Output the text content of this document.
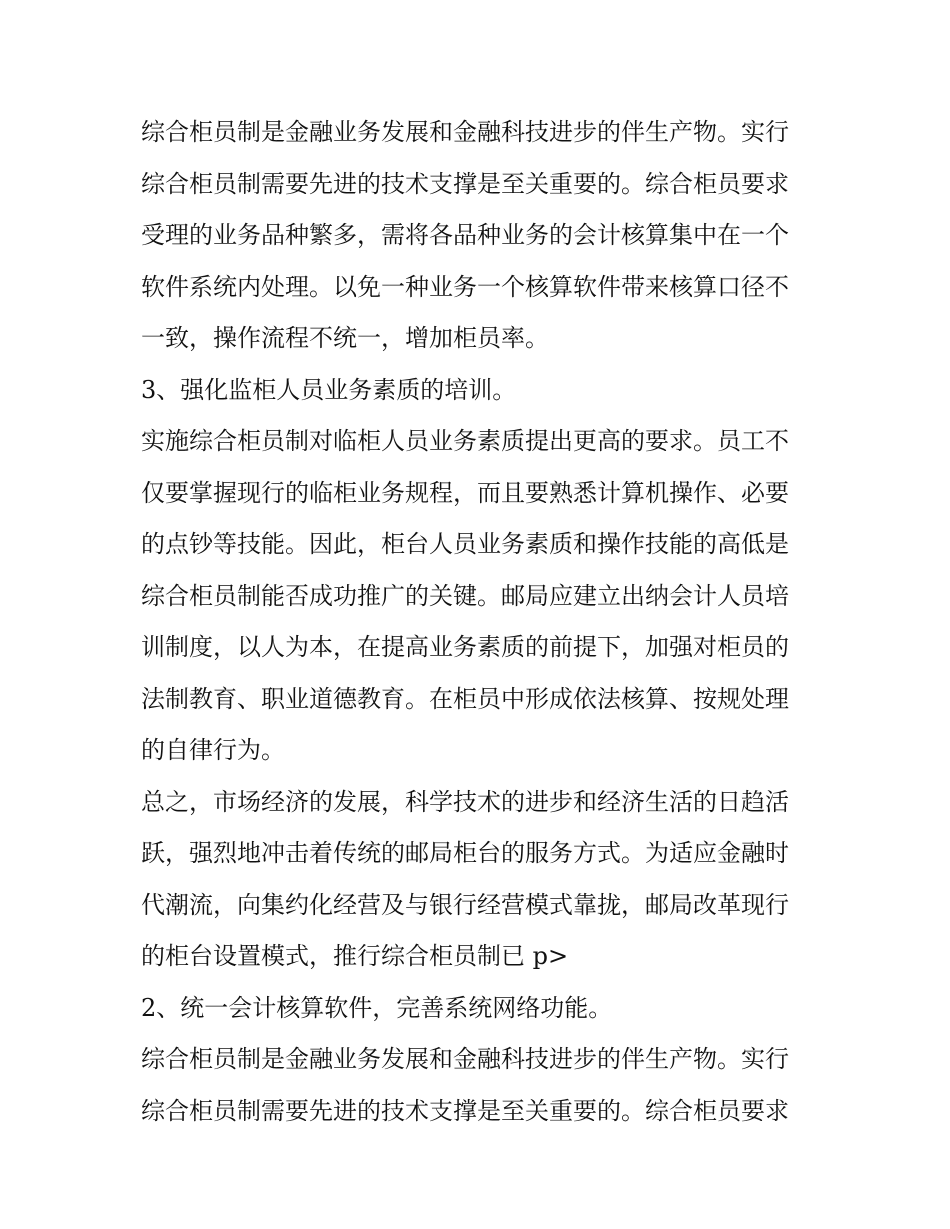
综合柜员制是金融业务发展和金融科技进步的伴生产物。实行
综合柜员制需要先进的技术支撑是至关重要的。综合柜员要求
受理的业务品种繁多，需将各品种业务的会计核算集中在一个
软件系统内处理。以免一种业务一个核算软件带来核算口径不
一致，操作流程不统一，增加柜员率。
3、强化监柜人员业务素质的培训。
实施综合柜员制对临柜人员业务素质提出更高的要求。员工不
仅要掌握现行的临柜业务规程，而且要熟悉计算机操作、必要
的点钞等技能。因此，柜台人员业务素质和操作技能的高低是
综合柜员制能否成功推广的关键。邮局应建立出纳会计人员培
训制度，以人为本，在提高业务素质的前提下，加强对柜员的
法制教育、职业道德教育。在柜员中形成依法核算、按规处理
的自律行为。
总之，市场经济的发展，科学技术的进步和经济生活的日趋活
跃，强烈地冲击着传统的邮局柜台的服务方式。为适应金融时
代潮流，向集约化经营及与银行经营模式靠拢，邮局改革现行
的柜台设置模式，推行综合柜员制已 p>
2、统一会计核算软件，完善系统网络功能。
综合柜员制是金融业务发展和金融科技进步的伴生产物。实行
综合柜员制需要先进的技术支撑是至关重要的。综合柜员要求
